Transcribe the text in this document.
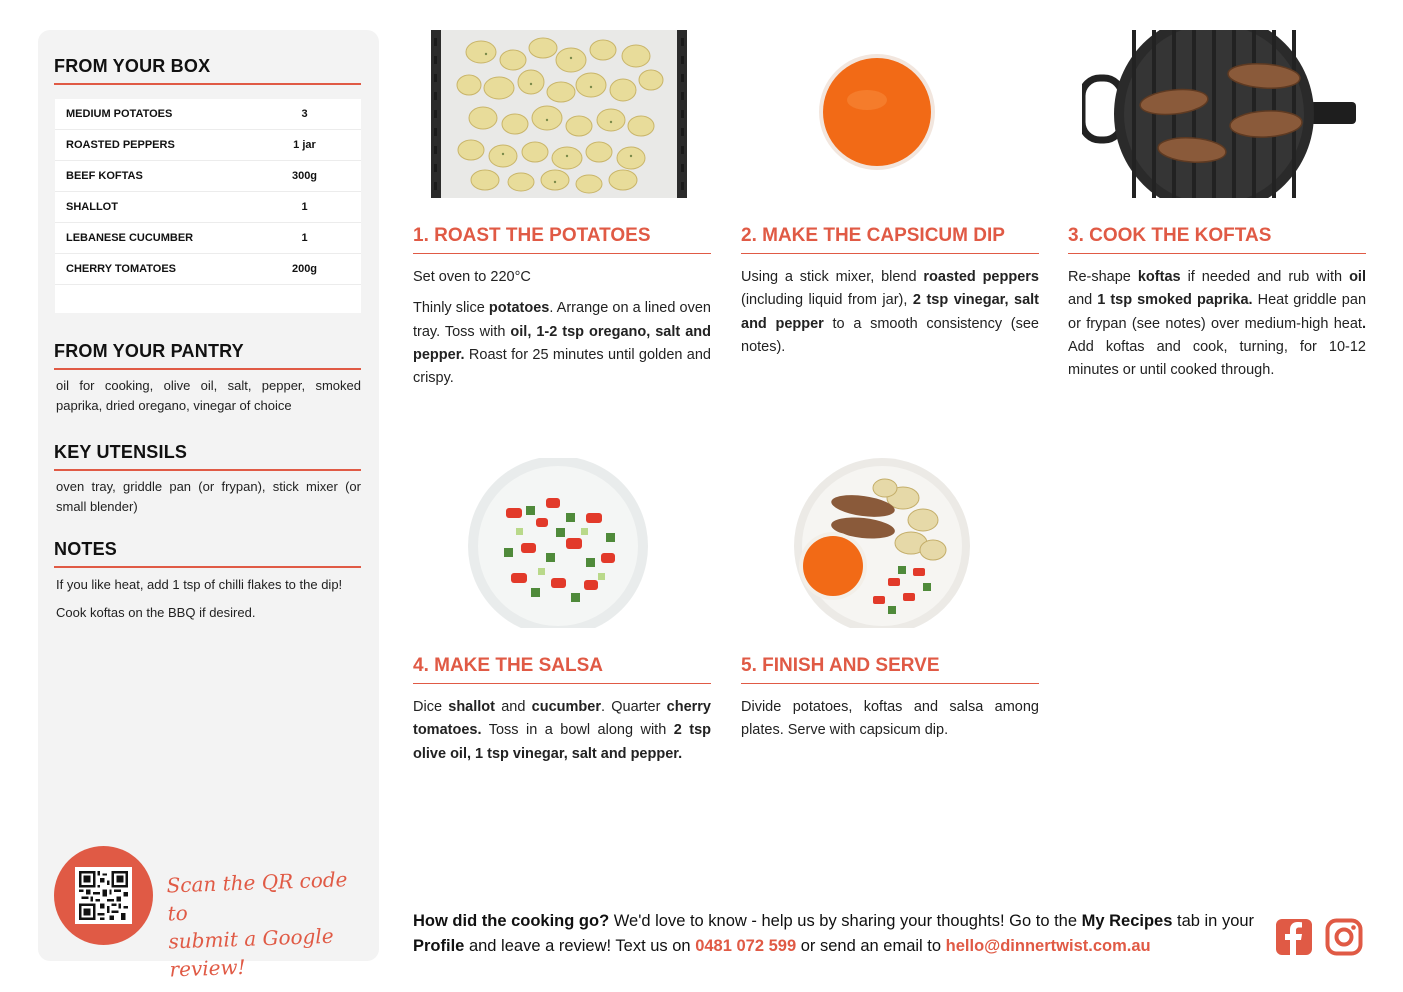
FROM YOUR BOX
MEDIUM POTATOES	3
ROASTED PEPPERS	1 jar
BEEF KOFTAS	300g
SHALLOT	1
LEBANESE CUCUMBER	1
CHERRY TOMATOES	200g
FROM YOUR PANTRY
oil for cooking, olive oil, salt, pepper, smoked paprika, dried oregano, vinegar of choice
KEY UTENSILS
oven tray, griddle pan (or frypan), stick mixer (or small blender)
NOTES
If you like heat, add 1 tsp of chilli flakes to the dip!
Cook koftas on the BBQ if desired.
Scan the QR code to
submit a Google review!
1. ROAST THE POTATOES

Set oven to 220°C

Thinly slice potatoes. Arrange on a lined oven tray. Toss with oil, 1-2 tsp oregano, salt and pepper. Roast for 25 minutes until golden and crispy.

2. MAKE THE CAPSICUM DIP

Using a stick mixer, blend roasted peppers (including liquid from jar), 2 tsp vinegar, salt and pepper to a smooth consistency (see notes).

3. COOK THE KOFTAS

Re-shape koftas if needed and rub with oil and 1 tsp smoked paprika. Heat griddle pan or frypan (see notes) over medium-high heat. Add koftas and cook, turning, for 10-12 minutes or until cooked through.

4. MAKE THE SALSA

Dice shallot and cucumber. Quarter cherry tomatoes. Toss in a bowl along with 2 tsp olive oil, 1 tsp vinegar, salt and pepper.

5. FINISH AND SERVE

Divide potatoes, koftas and salsa among plates. Serve with capsicum dip.

How did the cooking go? We'd love to know - help us by sharing your thoughts! Go to the My Recipes tab in your Profile and leave a review! Text us on 0481 072 599 or send an email to hello@dinnertwist.com.au
